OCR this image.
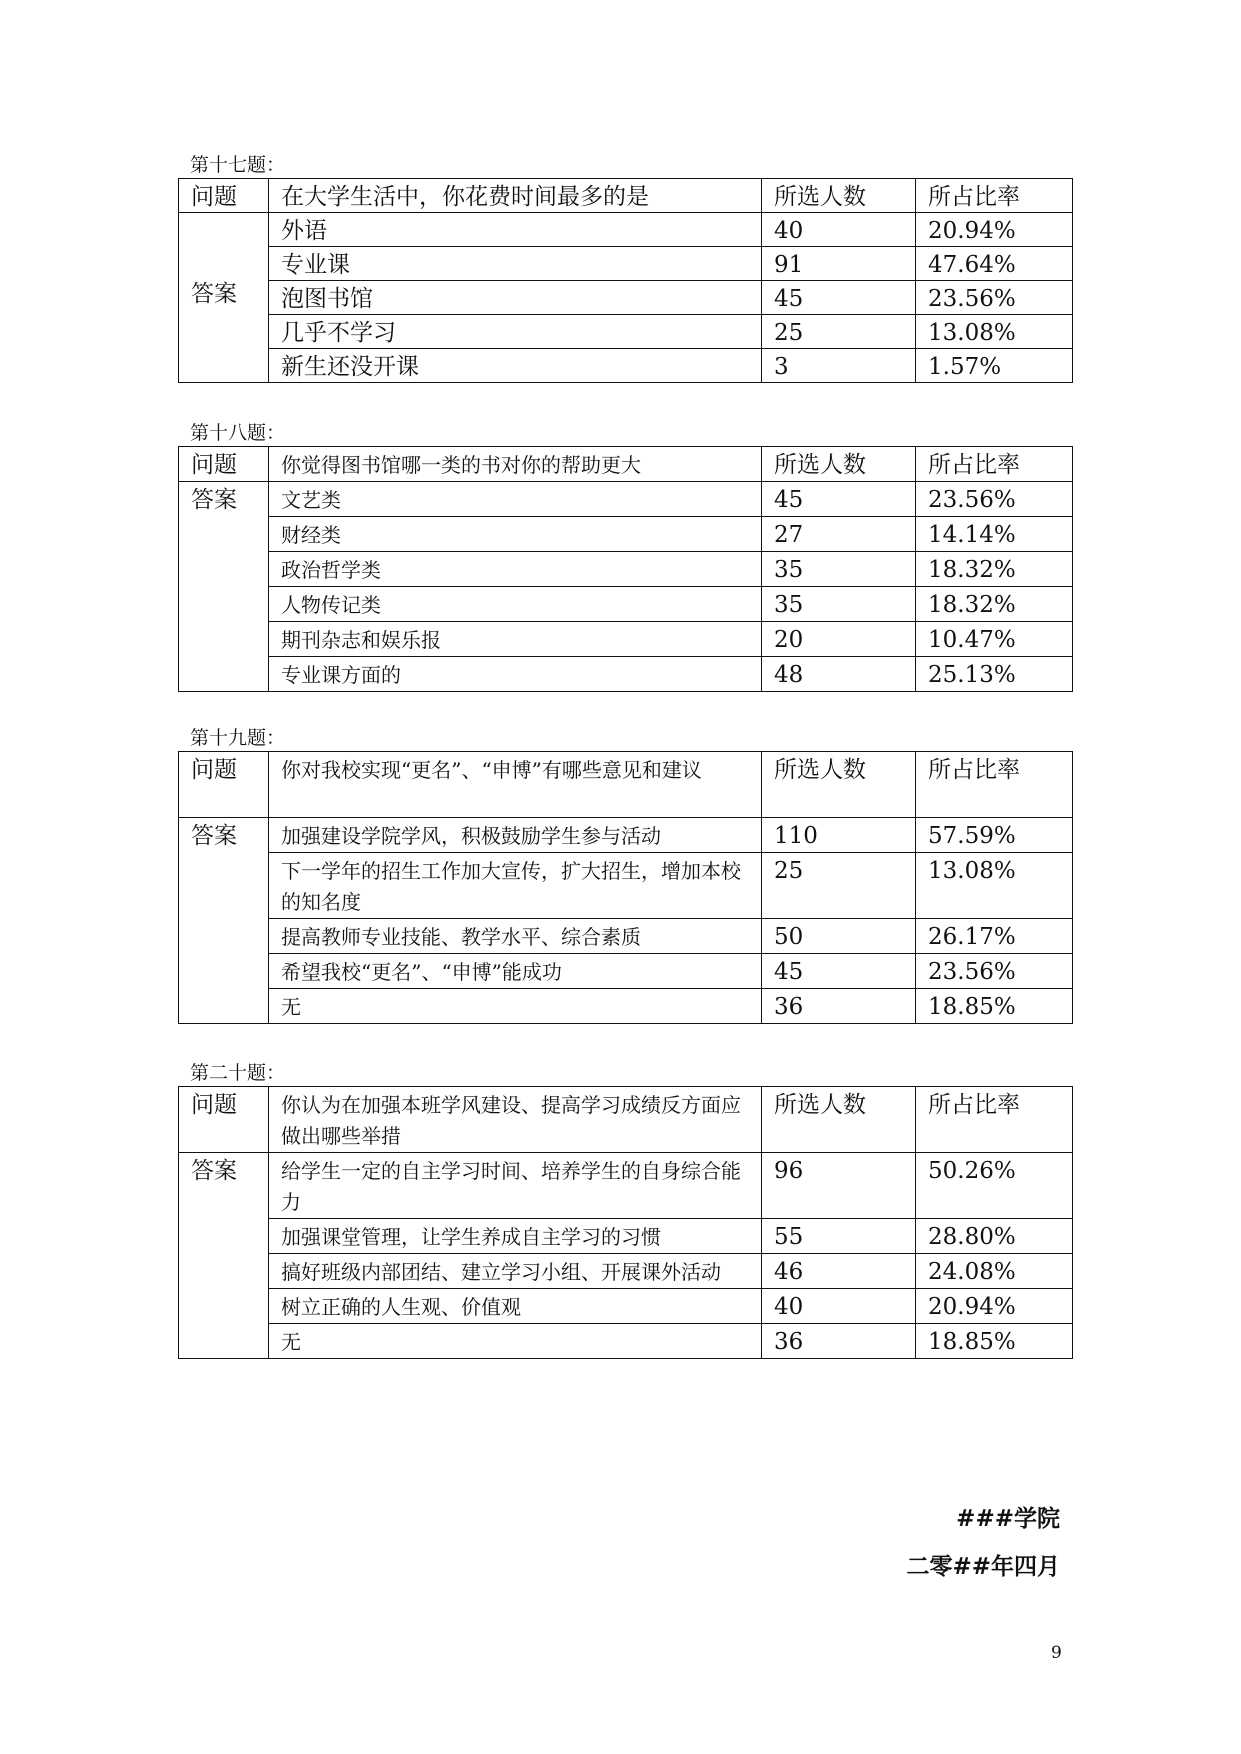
第十七题：
问题	在大学生活中，你花费时间最多的是	所选人数	所占比率
答案	外语	40	20.94%
	专业课	91	47.64%
	泡图书馆	45	23.56%
	几乎不学习	25	13.08%
	新生还没开课	3	1.57%
第十八题：
问题	你觉得图书馆哪一类的书对你的帮助更大	所选人数	所占比率
答案	文艺类	45	23.56%
	财经类	27	14.14%
	政治哲学类	35	18.32%
	人物传记类	35	18.32%
	期刊杂志和娱乐报	20	10.47%
	专业课方面的	48	25.13%
第十九题：
问题	你对我校实现“更名”、“申博”有哪些意见和建议	所选人数	所占比率
答案	加强建设学院学风，积极鼓励学生参与活动	110	57.59%
	下一学年的招生工作加大宣传，扩大招生，增加本校的知名度	25	13.08%
	提高教师专业技能、教学水平、综合素质	50	26.17%
	希望我校“更名”、“申博”能成功	45	23.56%
	无	36	18.85%
第二十题：
问题	你认为在加强本班学风建设、提高学习成绩反方面应做出哪些举措	所选人数	所占比率
答案	给学生一定的自主学习时间、培养学生的自身综合能力	96	50.26%
	加强课堂管理，让学生养成自主学习的习惯	55	28.80%
	搞好班级内部团结、建立学习小组、开展课外活动	46	24.08%
	树立正确的人生观、价值观	40	20.94%
	无	36	18.85%
###学院
二零##年四月
9
